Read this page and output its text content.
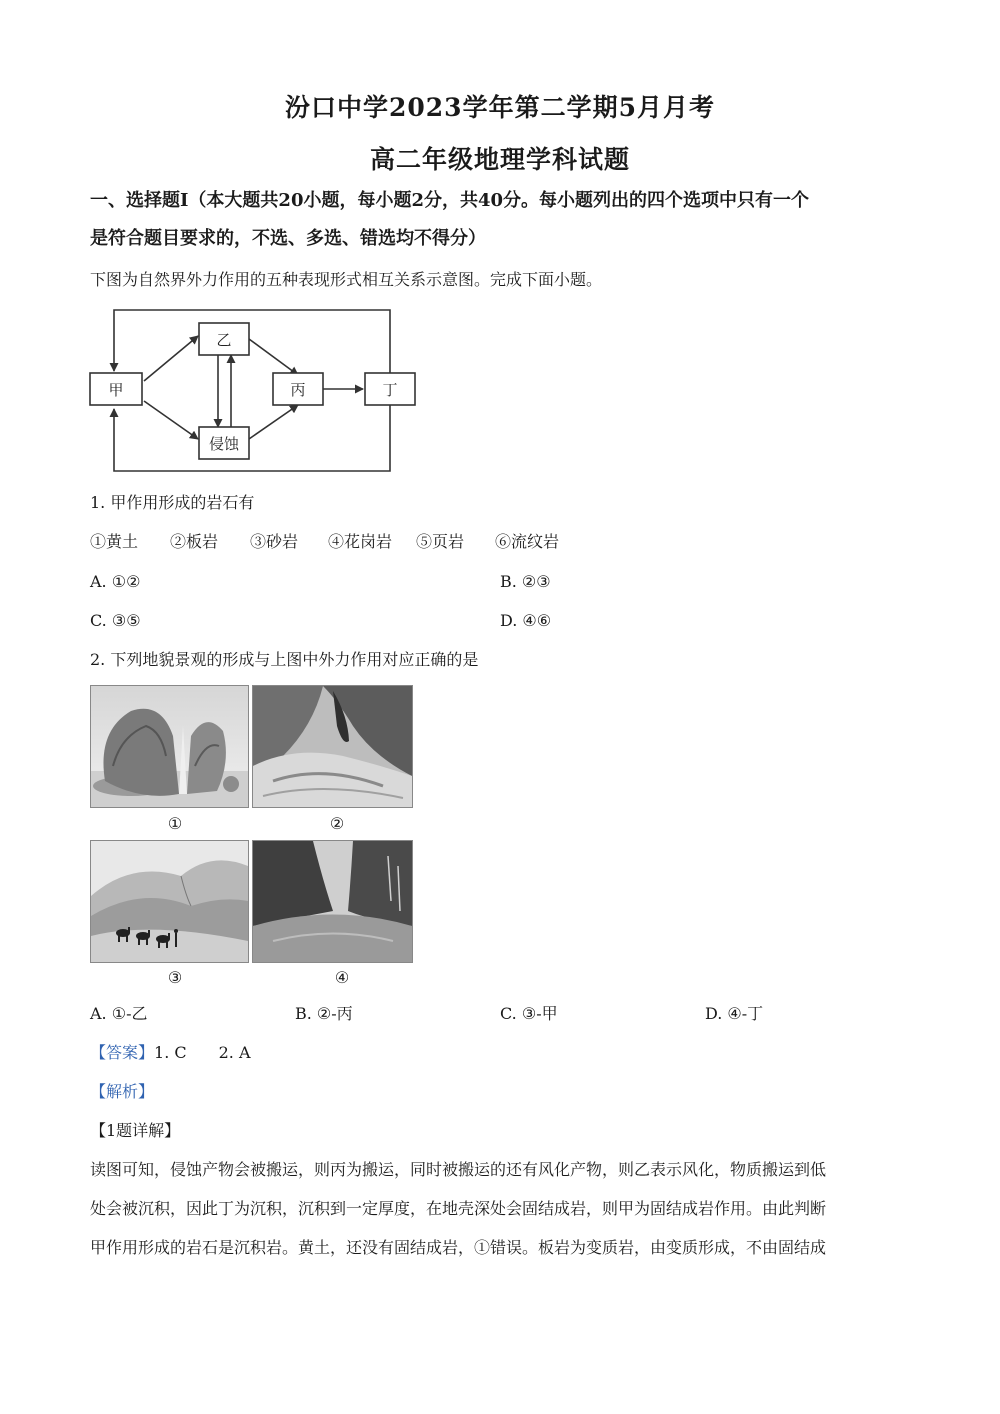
汾口中学2023学年第二学期5月月考
高二年级地理学科试题
一、选择题I（本大题共20小题，每小题2分，共40分。每小题列出的四个选项中只有一个
是符合题目要求的，不选、多选、错选均不得分）
下图为自然界外力作用的五种表现形式相互关系示意图。完成下面小题。
甲
乙
丙	丁
侵蚀
1. 甲作用形成的岩石有
①黄土 ②板岩 ③砂岩 ④花岗岩 ⑤页岩 ⑥流纹岩
A. ①②	B. ②③
C. ③⑤	D. ④⑥
2. 下列地貌景观的形成与上图中外力作用对应正确的是
①	②
③	④
A. ①-乙	B. ②-丙	C. ③-甲	D. ④-丁
【答案】1. C　　2. A
【解析】
【1题详解】
读图可知，侵蚀产物会被搬运，则丙为搬运，同时被搬运的还有风化产物，则乙表示风化，物质搬运到低
处会被沉积，因此丁为沉积，沉积到一定厚度，在地壳深处会固结成岩，则甲为固结成岩作用。由此判断
甲作用形成的岩石是沉积岩。黄土，还没有固结成岩，①错误。板岩为变质岩，由变质形成，不由固结成
